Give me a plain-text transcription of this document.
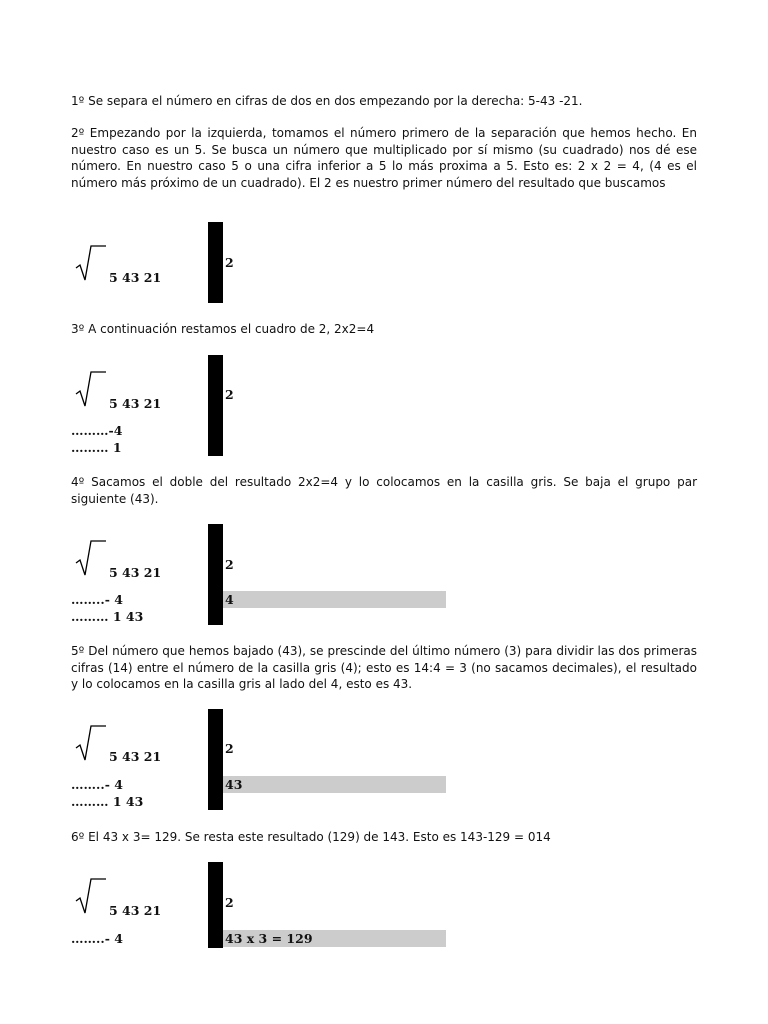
1º Se separa el número en cifras de dos en dos empezando por la derecha: 5-43 -21.

2º Empezando por la izquierda, tomamos el número primero de la separación que hemos hecho. En nuestro caso es un 5. Se busca un número que multiplicado por sí mismo (su cuadrado) nos dé ese número. En nuestro caso 5 o una cifra inferior a 5 lo más proxima a 5. Esto es: 2 x 2 = 4, (4 es el número más próximo de un cuadrado). El 2 es nuestro primer número del resultado que buscamos

5 43 21
2

3º A continuación restamos el cuadro de 2, 2x2=4

5 43 21
………-4
……… 1
2

4º Sacamos el doble del resultado 2x2=4 y lo colocamos en la casilla gris. Se baja el grupo par siguiente (43).

5 43 21
……..- 4
……… 1 43
2
4

5º Del número que hemos bajado (43), se prescinde del último número (3) para dividir las dos primeras cifras (14) entre el número de la casilla gris (4); esto es 14:4 = 3 (no sacamos decimales), el resultado y lo colocamos en la casilla gris al lado del 4, esto es 43.

5 43 21
……..- 4
……… 1 43
2
43

6º El 43 x 3= 129. Se resta este resultado (129) de 143. Esto es 143-129 = 014

5 43 21
……..- 4
2
43 x 3 = 129
